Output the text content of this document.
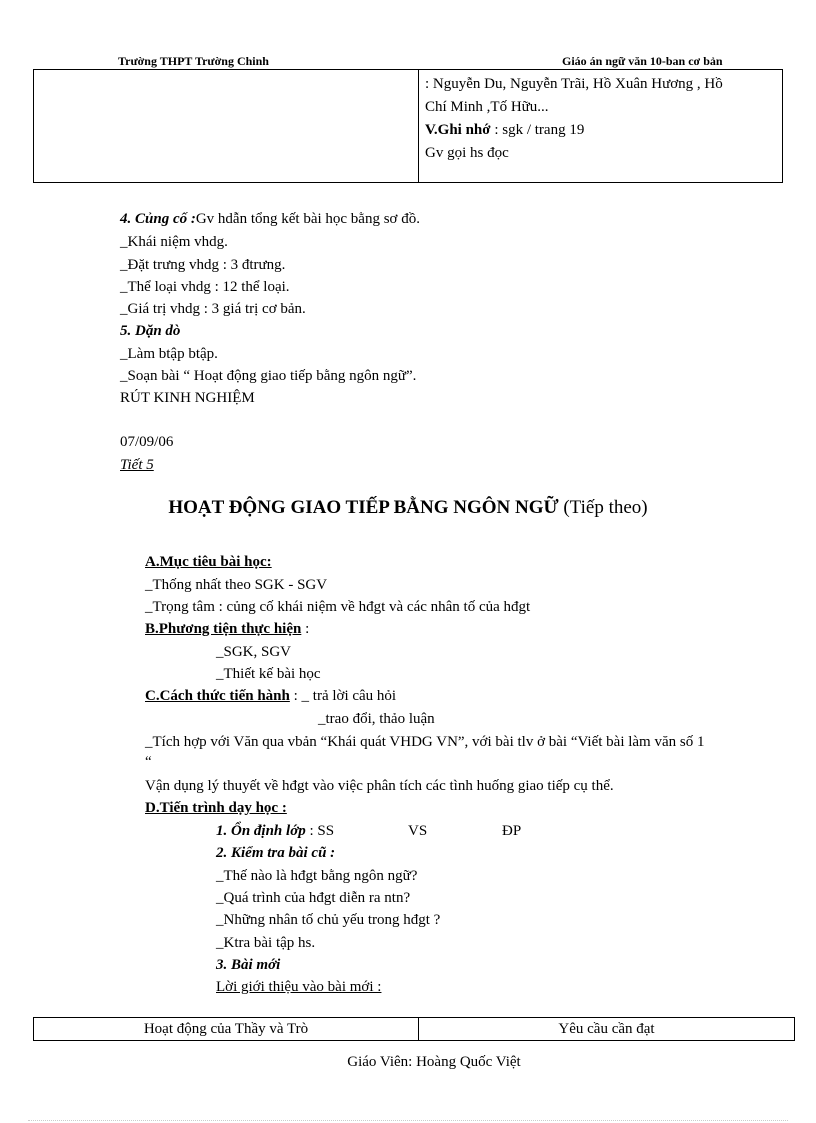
Trường THPT Trường Chinh	Giáo án ngữ văn 10-ban cơ bản
: Nguyễn Du, Nguyễn Trãi, Hồ Xuân Hương , Hồ
Chí Minh ,Tố Hữu...
V.Ghi nhớ : sgk / trang 19
Gv gọi hs đọc
4. Củng cố :Gv hdẫn tổng kết bài học bằng sơ đồ.
_Khái niệm vhdg.
_Đặt trưng vhdg : 3 đtrưng.
_Thể loại vhdg : 12 thể loại.
_Giá trị vhdg : 3 giá trị cơ bản.
5. Dặn dò
_Làm btập btập.
_Soạn bài “ Hoạt động giao tiếp bằng ngôn ngữ”.
RÚT KINH NGHIỆM
07/09/06
Tiết 5
HOẠT ĐỘNG GIAO TIẾP BẰNG NGÔN NGỮ (Tiếp theo)
A.Mục tiêu bài học:
_Thống nhất theo SGK - SGV
_Trọng tâm : củng cố khái niệm về hđgt và các nhân tố của hđgt
B.Phương tiện thực hiện :
_SGK, SGV
_Thiết kế bài học
C.Cách thức tiến hành : _ trả lời câu hỏi
_trao đổi, thảo luận
_Tích hợp với Văn qua vbản “Khái quát VHDG VN”, với bài tlv ở bài “Viết bài làm văn số 1
“
Vận dụng lý thuyết về hđgt vào việc phân tích các tình huống giao tiếp cụ thể.
D.Tiến trình dạy học :
1. Ổn định lớp : SS	VS	ĐP
2. Kiểm tra bài cũ :
_Thế nào là hđgt bằng ngôn ngữ?
_Quá trình của hđgt diễn ra ntn?
_Những nhân tố chủ yếu trong hđgt ?
_Ktra bài tập hs.
3. Bài mới
Lời giới thiệu vào bài mới :
Hoạt động của Thầy và Trò	Yêu cầu cần đạt
Giáo Viên: Hoàng Quốc Việt
